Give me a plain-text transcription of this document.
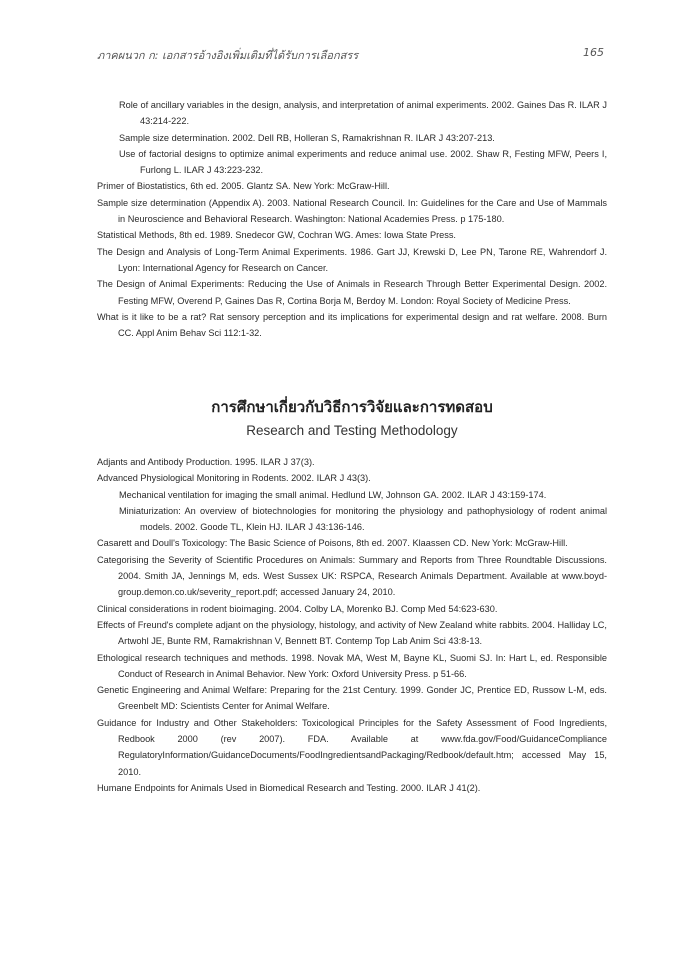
ภาคผนวก ก: เอกสารอ้างอิงเพิ่มเติมที่ได้รับการเลือกสรร	165

Role of ancillary variables in the design, analysis, and interpretation of animal experiments. 2002. Gaines Das R. ILAR J 43:214-222.

Sample size determination. 2002. Dell RB, Holleran S, Ramakrishnan R. ILAR J 43:207-213.

Use of factorial designs to optimize animal experiments and reduce animal use. 2002. Shaw R, Festing MFW, Peers I, Furlong L. ILAR J 43:223-232.

Primer of Biostatistics, 6th ed. 2005. Glantz SA. New York: McGraw-Hill.

Sample size determination (Appendix A). 2003. National Research Council. In: Guidelines for the Care and Use of Mammals in Neuroscience and Behavioral Research. Washington: National Academies Press. p 175-180.

Statistical Methods, 8th ed. 1989. Snedecor GW, Cochran WG. Ames: Iowa State Press.

The Design and Analysis of Long-Term Animal Experiments. 1986. Gart JJ, Krewski D, Lee PN, Tarone RE, Wahrendorf J. Lyon: International Agency for Research on Cancer.

The Design of Animal Experiments: Reducing the Use of Animals in Research Through Better Experimental Design. 2002. Festing MFW, Overend P, Gaines Das R, Cortina Borja M, Berdoy M. London: Royal Society of Medicine Press.

What is it like to be a rat? Rat sensory perception and its implications for experimental design and rat welfare. 2008. Burn CC. Appl Anim Behav Sci 112:1-32.

การศึกษาเกี่ยวกับวิธีการวิจัยและการทดสอบ
Research and Testing Methodology

Adjants and Antibody Production. 1995. ILAR J 37(3).

Advanced Physiological Monitoring in Rodents. 2002. ILAR J 43(3).

Mechanical ventilation for imaging the small animal. Hedlund LW, Johnson GA. 2002. ILAR J 43:159-174.

Miniaturization: An overview of biotechnologies for monitoring the physiology and pathophysiology of rodent animal models. 2002. Goode TL, Klein HJ. ILAR J 43:136-146.

Casarett and Doull's Toxicology: The Basic Science of Poisons, 8th ed. 2007. Klaassen CD. New York: McGraw-Hill.

Categorising the Severity of Scientific Procedures on Animals: Summary and Reports from Three Roundtable Discussions. 2004. Smith JA, Jennings M, eds. West Sussex UK: RSPCA, Research Animals Department. Available at www.boyd-group.demon.co.uk/severity_report.pdf; accessed January 24, 2010.

Clinical considerations in rodent bioimaging. 2004. Colby LA, Morenko BJ. Comp Med 54:623-630.

Effects of Freund's complete adjant on the physiology, histology, and activity of New Zealand white rabbits. 2004. Halliday LC, Artwohl JE, Bunte RM, Ramakrishnan V, Bennett BT. Contemp Top Lab Anim Sci 43:8-13.

Ethological research techniques and methods. 1998. Novak MA, West M, Bayne KL, Suomi SJ. In: Hart L, ed. Responsible Conduct of Research in Animal Behavior. New York: Oxford University Press. p 51-66.

Genetic Engineering and Animal Welfare: Preparing for the 21st Century. 1999. Gonder JC, Prentice ED, Russow L-M, eds. Greenbelt MD: Scientists Center for Animal Welfare.

Guidance for Industry and Other Stakeholders: Toxicological Principles for the Safety Assessment of Food Ingredients, Redbook 2000 (rev 2007). FDA. Available at www.fda.gov/Food/GuidanceCompliance RegulatoryInformation/GuidanceDocuments/FoodIngredientsandPackaging/Redbook/default.htm; accessed May 15, 2010.

Humane Endpoints for Animals Used in Biomedical Research and Testing. 2000. ILAR J 41(2).
